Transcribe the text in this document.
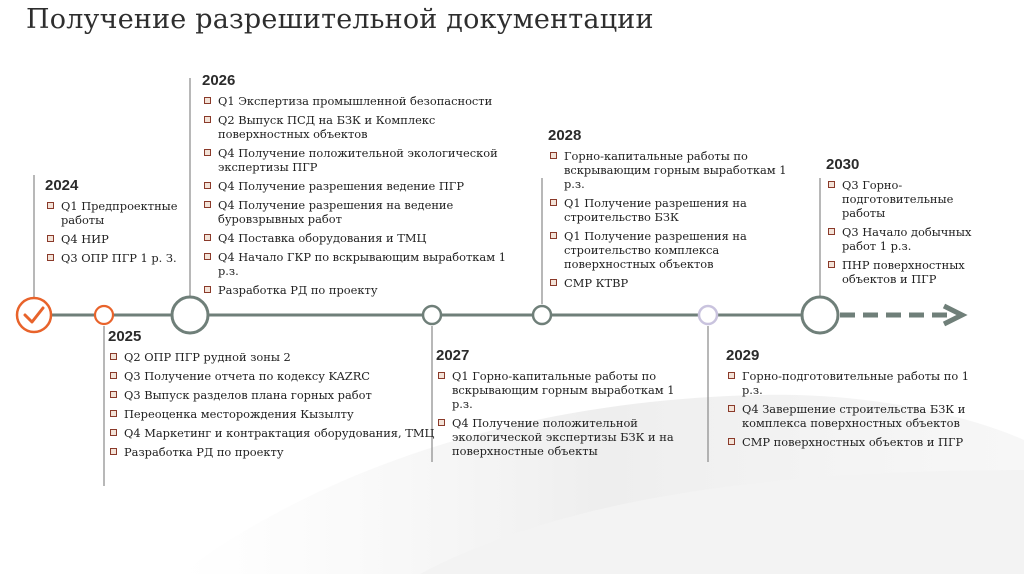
Получение разрешительной документации
2024
Q1 Предпроектные работы
Q4 НИР
Q3 ОПР ПГР 1 р. З.
2025
Q2 ОПР ПГР рудной зоны 2
Q3 Получение отчета по кодексу KAZRC
Q3 Выпуск разделов плана горных работ
Переоценка месторождения Кызылту
Q4 Маркетинг и контрактация оборудования, ТМЦ
Разработка РД по проекту
2026
Q1 Экспертиза промышленной безопасности
Q2 Выпуск ПСД на БЗК и Комплекс поверхностных объектов
Q4 Получение положительной экологической экспертизы ПГР
Q4 Получение разрешения ведение ПГР
Q4 Получение разрешения на ведение буровзрывных работ
Q4 Поставка оборудования и ТМЦ
Q4 Начало ГКР по вскрывающим выработкам 1 р.з.
Разработка РД по проекту
2027
Q1 Горно-капитальные работы по вскрывающим горным выработкам 1 р.з.
Q4 Получение положительной экологической экспертизы БЗК и на поверхностные объекты
2028
Горно-капитальные работы по вскрывающим горным выработкам 1 р.з.
Q1 Получение разрешения на строительство БЗК
Q1 Получение разрешения на строительство комплекса поверхностных объектов
СМР КТВР
2029
Горно-подготовительные работы по 1 р.з.
Q4 Завершение строительства БЗК и комплекса поверхностных объектов
СМР поверхностных объектов и ПГР
2030
Q3 Горно-подготовительные работы
Q3 Начало добычных работ 1 р.з.
ПНР поверхностных объектов и ПГР
